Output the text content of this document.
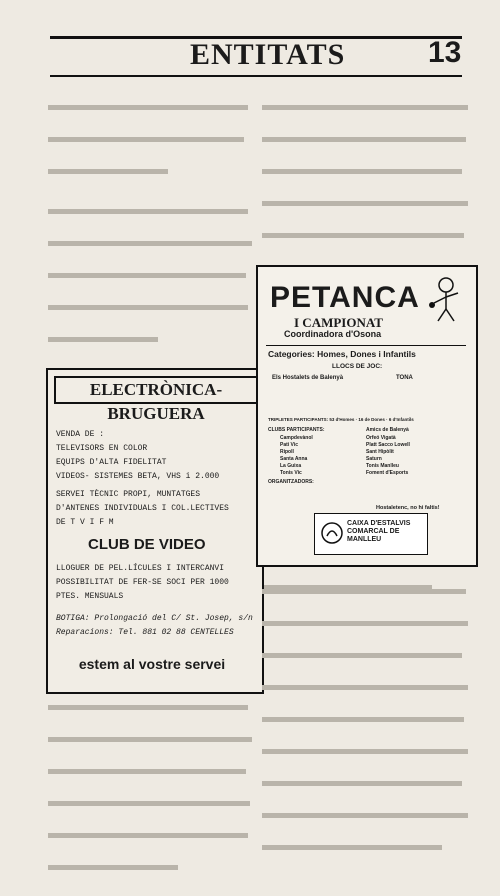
ENTITATS	13

ELECTRÒNICA-BRUGUERA
VENDA DE :
TELEVISORS EN COLOR
EQUIPS D'ALTA FIDELITAT
VIDEOS- SISTEMES BETA, VHS i 2.000
SERVEI TÈCNIC PROPI, MUNTATGES
D'ANTENES INDIVIDUALS I COL.LECTIVES
DE T V I F M
CLUB DE VIDEO
LLOGUER DE PEL.LÍCULES I INTERCANVI
POSSIBILITAT DE FER-SE SOCI PER 1000
PTES. MENSUALS
BOTIGA: Prolongació del C/ St. Josep, s/n
Reparacions: Tel. 881 02 88 CENTELLES
estem al vostre servei
PETANCA
I CAMPIONAT
Coordinadora d'Osona
Categories: Homes, Dones i Infantils
LLOCS DE JOC:
Els Hostalets de Balenyà	TONA
TRIPLETES PARTICIPANTS: 53 d'Homes · 16 de Dones · 6 d'Infantils
CLUBS PARTICIPANTS:
Campdevànol
Pati Vic
Ripoll
Santa Anna
La Guixa
Tonis Vic
Amics de Balenyà
Orfeó Vigatà
Platt Sacco Lowell
Sant Hipòlit
Saturn
Tonis Manlleu
Foment d'Esports
ORGANITZADORS:
Hostaletenc, no hi faltis!
CAIXA D'ESTALVIS COMARCAL DE MANLLEU
